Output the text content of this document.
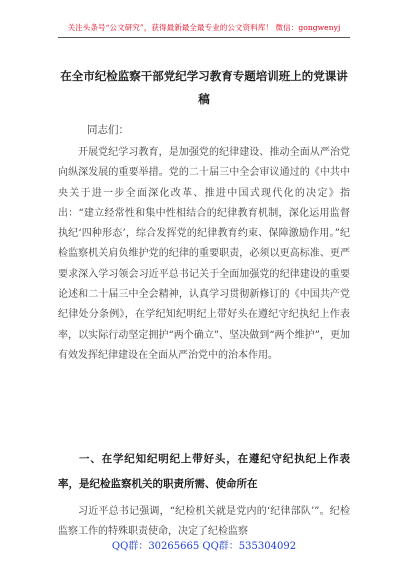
关注头条号“公文研究”，获得最新最全最专业的公文资料库！ 微信：gongwenyj
在全市纪检监察干部党纪学习教育专题培训班上的党课讲稿
同志们：

开展党纪学习教育，是加强党的纪律建设、推动全面从严治党向纵深发展的重要举措。党的二十届三中全会审议通过的《中共中央关于进一步全面深化改革、推进中国式现代化的决定》指出：“建立经常性和集中性相结合的纪律教育机制，深化运用监督执纪‘四种形态’，综合发挥党的纪律教育约束、保障激励作用。”纪检监察机关肩负维护党的纪律的重要职责，必须以更高标准、更严要求深入学习领会习近平总书记关于全面加强党的纪律建设的重要论述和二十届三中全会精神，认真学习贯彻新修订的《中国共产党纪律处分条例》，在学纪知纪明纪上带好头在遵纪守纪执纪上作表率，以实际行动坚定拥护“两个确立”、坚决做到“两个维护”，更加有效发挥纪律建设在全面从严治党中的治本作用。

一、在学纪知纪明纪上带好头，在遵纪守纪执纪上作表率，是纪检监察机关的职责所需、使命所在

习近平总书记强调，“纪检机关就是党内的‘纪律部队’”。纪检监察工作的特殊职责使命，决定了纪检监察

QQ群：30265665 QQ群：535304092
